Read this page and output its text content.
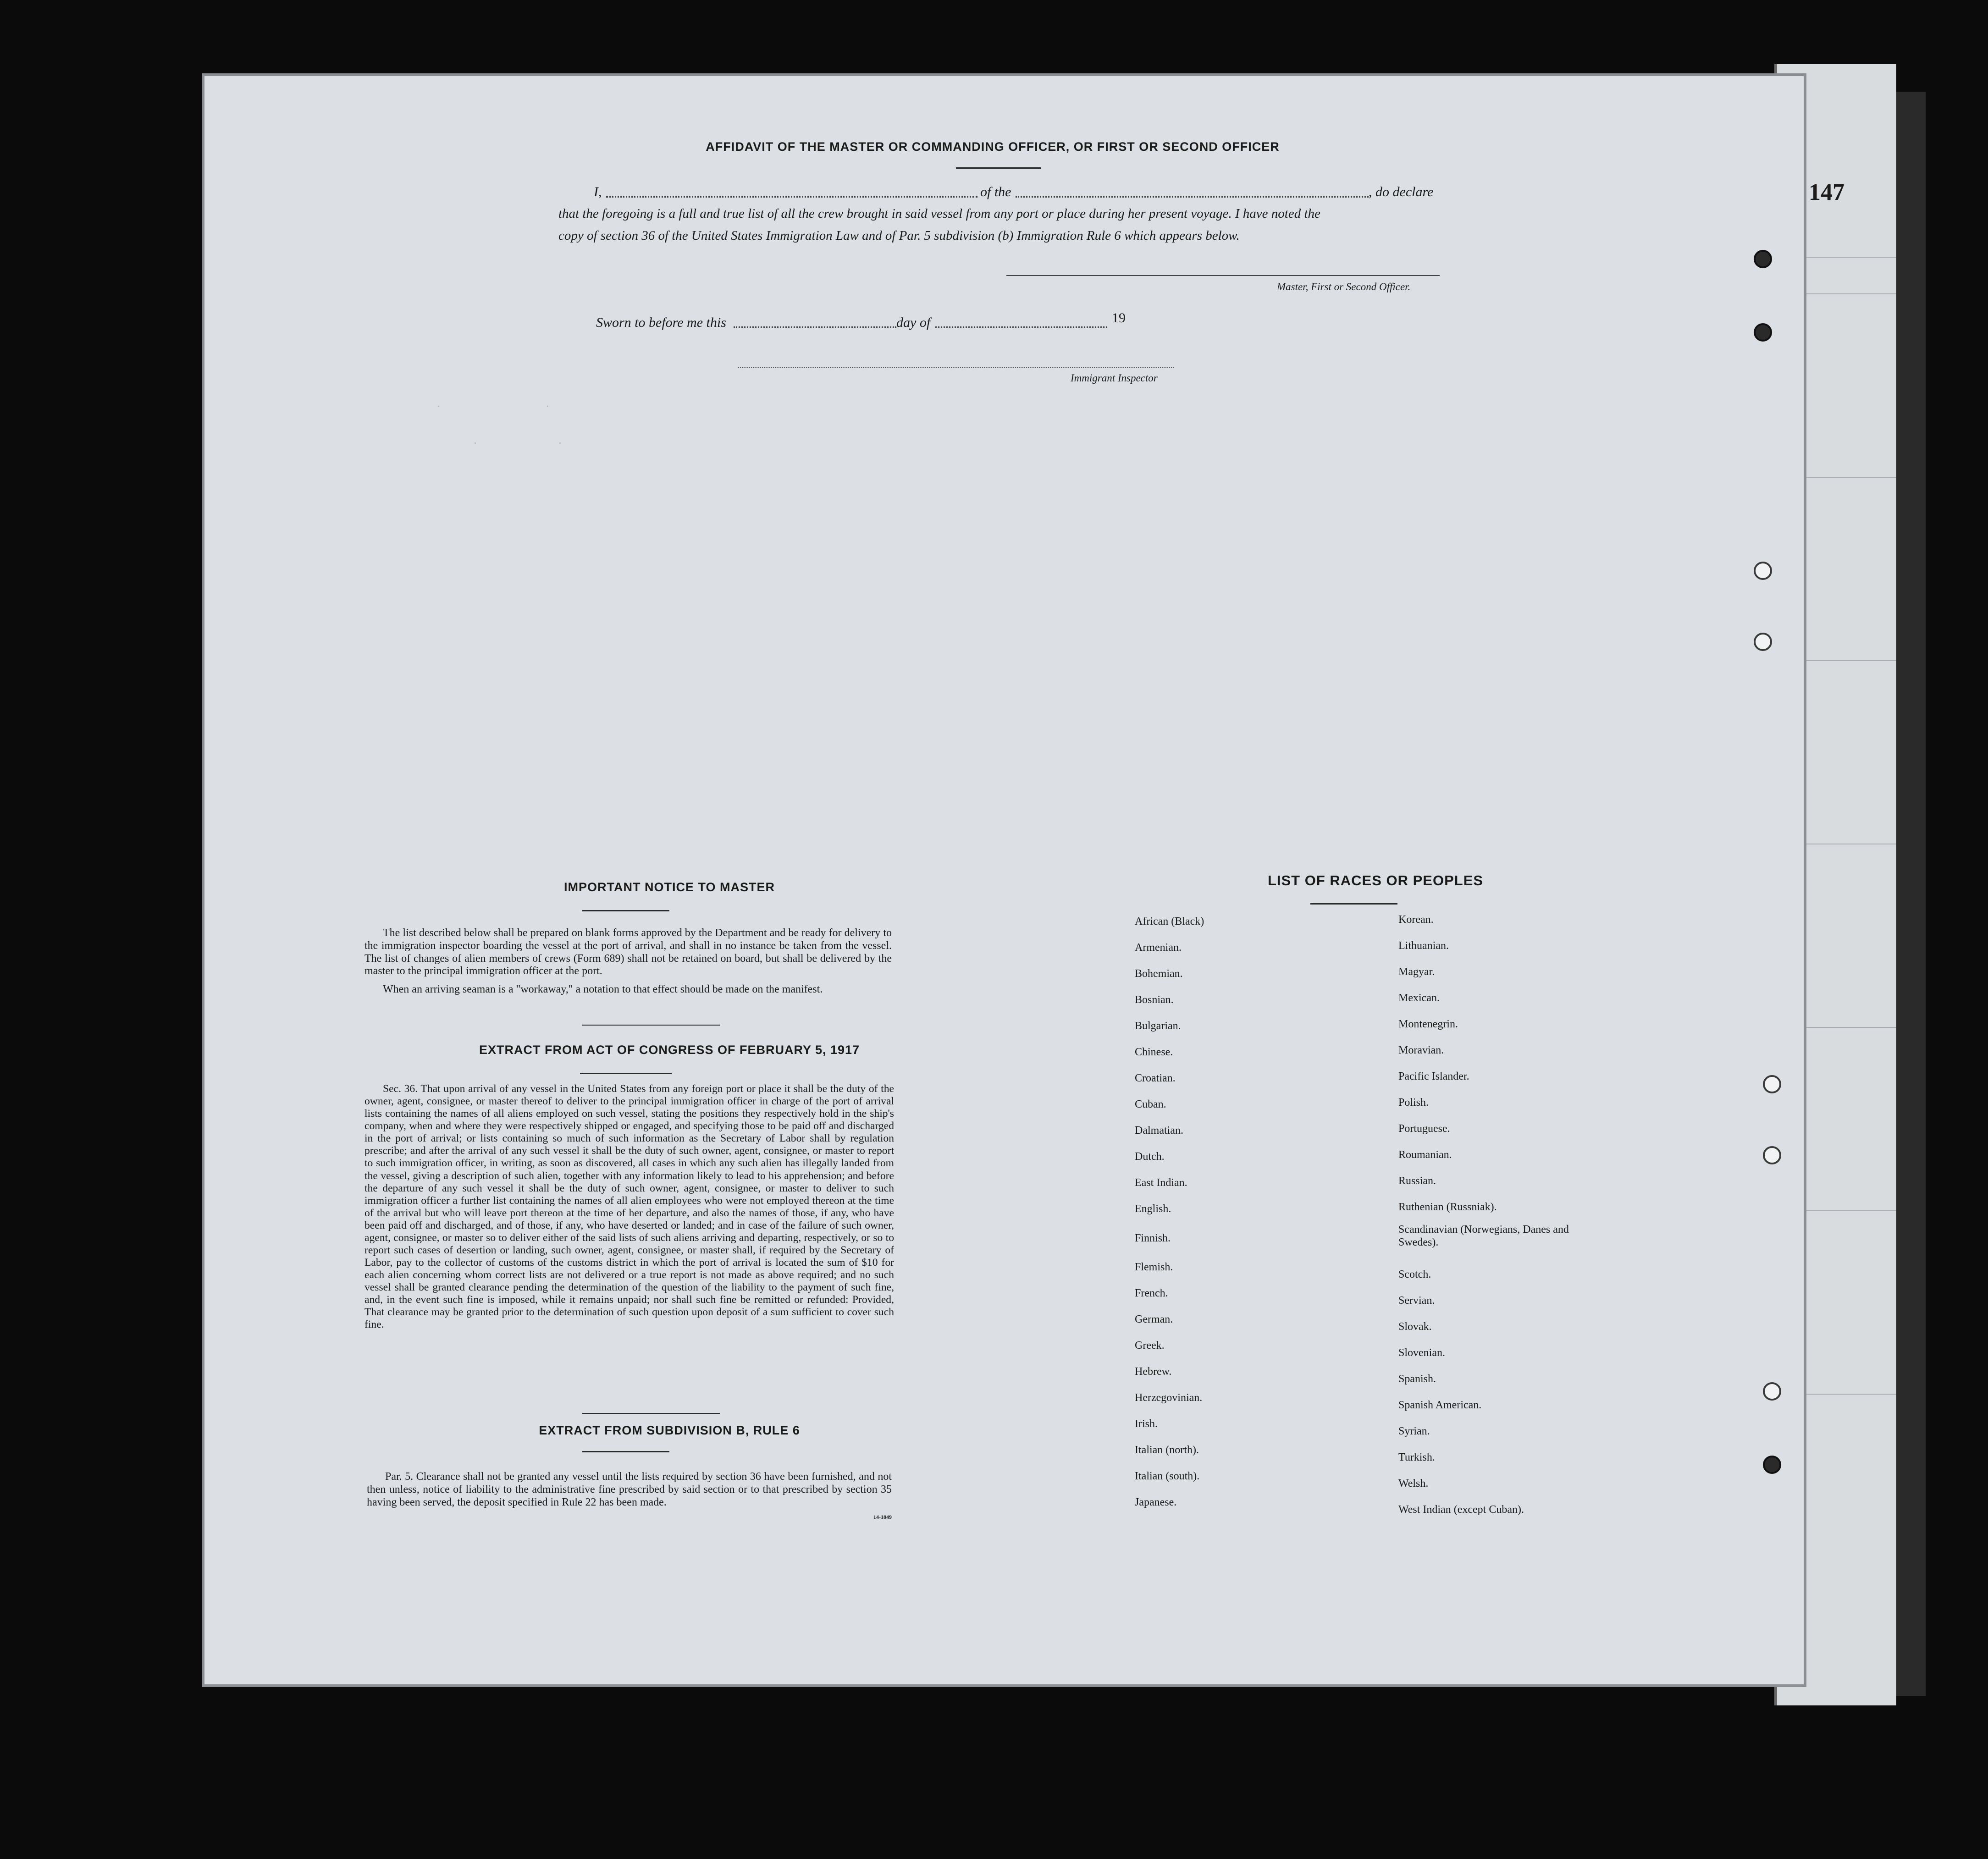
147
.                 .
.             .
AFFIDAVIT OF THE MASTER OR COMMANDING OFFICER, OR FIRST OR SECOND OFFICER
I,	of the	, do declare
that the foregoing is a full and true list of all the crew brought in said vessel from any port or place during her present voyage. I have noted the
copy of section 36 of the United States Immigration Law and of Par. 5 subdivision (b) Immigration Rule 6 which appears below.
Master, First or Second Officer.
Sworn to before me this	day of	19
Immigrant Inspector
IMPORTANT NOTICE TO MASTER

The list described below shall be prepared on blank forms approved by the Department and be ready for delivery to the immigration inspector boarding the vessel at the port of arrival, and shall in no instance be taken from the vessel. The list of changes of alien members of crews (Form 689) shall not be retained on board, but shall be delivered by the master to the principal immigration officer at the port.

When an arriving seaman is a "workaway," a notation to that effect should be made on the manifest.

EXTRACT FROM ACT OF CONGRESS OF FEBRUARY 5, 1917

Sec. 36. That upon arrival of any vessel in the United States from any foreign port or place it shall be the duty of the owner, agent, consignee, or master thereof to deliver to the principal immigration officer in charge of the port of arrival lists containing the names of all aliens employed on such vessel, stating the positions they respectively hold in the ship's company, when and where they were respectively shipped or engaged, and specifying those to be paid off and discharged in the port of arrival; or lists containing so much of such information as the Secretary of Labor shall by regulation prescribe; and after the arrival of any such vessel it shall be the duty of such owner, agent, consignee, or master to report to such immigration officer, in writing, as soon as discovered, all cases in which any such alien has illegally landed from the vessel, giving a description of such alien, together with any information likely to lead to his apprehension; and before the departure of any such vessel it shall be the duty of such owner, agent, consignee, or master to deliver to such immigration officer a further list containing the names of all alien employees who were not employed thereon at the time of the arrival but who will leave port thereon at the time of her departure, and also the names of those, if any, who have been paid off and discharged, and of those, if any, who have deserted or landed; and in case of the failure of such owner, agent, consignee, or master so to deliver either of the said lists of such aliens arriving and departing, respectively, or so to report such cases of desertion or landing, such owner, agent, consignee, or master shall, if required by the Secretary of Labor, pay to the collector of customs of the customs district in which the port of arrival is located the sum of $10 for each alien concerning whom correct lists are not delivered or a true report is not made as above required; and no such vessel shall be granted clearance pending the determination of the question of the liability to the payment of such fine, and, in the event such fine is imposed, while it remains unpaid; nor shall such fine be remitted or refunded: Provided, That clearance may be granted prior to the determination of such question upon deposit of a sum sufficient to cover such fine.

EXTRACT FROM SUBDIVISION B, RULE 6

Par. 5. Clearance shall not be granted any vessel until the lists required by section 36 have been furnished, and not then unless, notice of liability to the administrative fine prescribed by said section or to that prescribed by section 35 having been served, the deposit specified in Rule 22 has been made.

14-1849
LIST OF RACES OR PEOPLES
African (Black)
Armenian.
Bohemian.
Bosnian.
Bulgarian.
Chinese.
Croatian.
Cuban.
Dalmatian.
Dutch.
East Indian.
English.
Finnish.
Flemish.
French.
German.
Greek.
Hebrew.
Herzegovinian.
Irish.
Italian (north).
Italian (south).
Japanese.
Korean.
Lithuanian.
Magyar.
Mexican.
Montenegrin.
Moravian.
Pacific Islander.
Polish.
Portuguese.
Roumanian.
Russian.
Ruthenian (Russniak).
Scandinavian (Norwegians, Danes and Swedes).
Scotch.
Servian.
Slovak.
Slovenian.
Spanish.
Spanish American.
Syrian.
Turkish.
Welsh.
West Indian (except Cuban).
